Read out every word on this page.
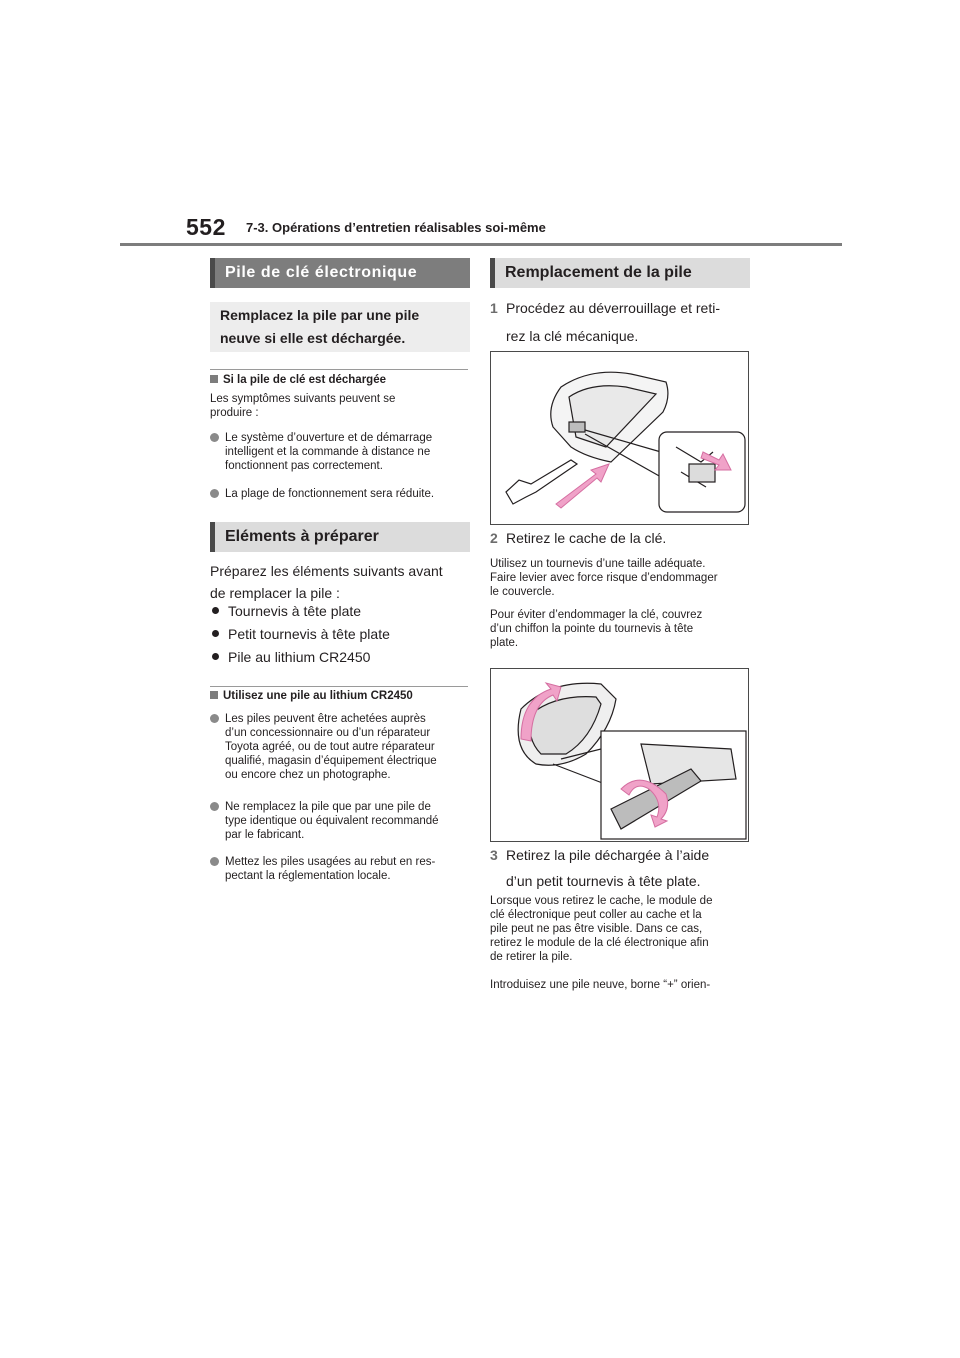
552 7-3. Opérations d’entretien réalisables soi-même
Pile de clé électronique
Remplacez la pile par une pile
neuve si elle est déchargée.
Si la pile de clé est déchargée
Les symptômes suivants peuvent se
produire :
Le système d’ouverture et de démarrage
intelligent et la commande à distance ne
fonctionnent pas correctement.
La plage de fonctionnement sera réduite.
Eléments à préparer
Préparez les éléments suivants avant
de remplacer la pile :
Tournevis à tête plate
Petit tournevis à tête plate
Pile au lithium CR2450
Utilisez une pile au lithium CR2450
Les piles peuvent être achetées auprès
d’un concessionnaire ou d’un réparateur
Toyota agréé, ou de tout autre réparateur
qualifié, magasin d’équipement électrique
ou encore chez un photographe.
Ne remplacez la pile que par une pile de
type identique ou équivalent recommandé
par le fabricant.
Mettez les piles usagées au rebut en res-
pectant la réglementation locale.
Remplacement de la pile
1 Procédez au déverrouillage et reti-
rez la clé mécanique.
2 Retirez le cache de la clé.
Utilisez un tournevis d’une taille adéquate.
Faire levier avec force risque d’endommager
le couvercle.
Pour éviter d’endommager la clé, couvrez
d’un chiffon la pointe du tournevis à tête
plate.
3 Retirez la pile déchargée à l’aide
d’un petit tournevis à tête plate.
Lorsque vous retirez le cache, le module de
clé électronique peut coller au cache et la
pile peut ne pas être visible. Dans ce cas,
retirez le module de la clé électronique afin
de retirer la pile.
Introduisez une pile neuve, borne “+” orien-
